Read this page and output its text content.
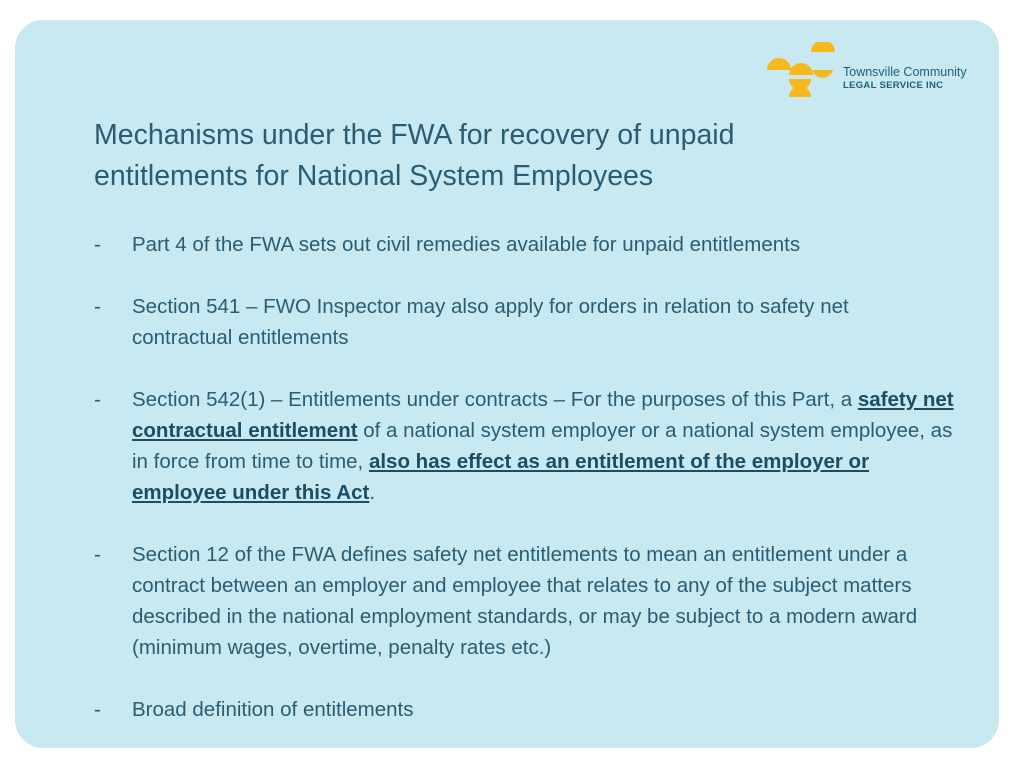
Townsville Community
LEGAL SERVICE INC
Mechanisms under the FWA for recovery of unpaid
entitlements for National System Employees
- Part 4 of the FWA sets out civil remedies available for unpaid entitlements
- Section 541 – FWO Inspector may also apply for orders in relation to safety net contractual entitlements
- Section 542(1) – Entitlements under contracts – For the purposes of this Part, a safety net contractual entitlement of a national system employer or a national system employee, as in force from time to time, also has effect as an entitlement of the employer or employee under this Act.
- Section 12 of the FWA defines safety net entitlements to mean an entitlement under a contract between an employer and employee that relates to any of the subject matters described in the national employment standards, or may be subject to a modern award (minimum wages, overtime, penalty rates etc.)
- Broad definition of entitlements
